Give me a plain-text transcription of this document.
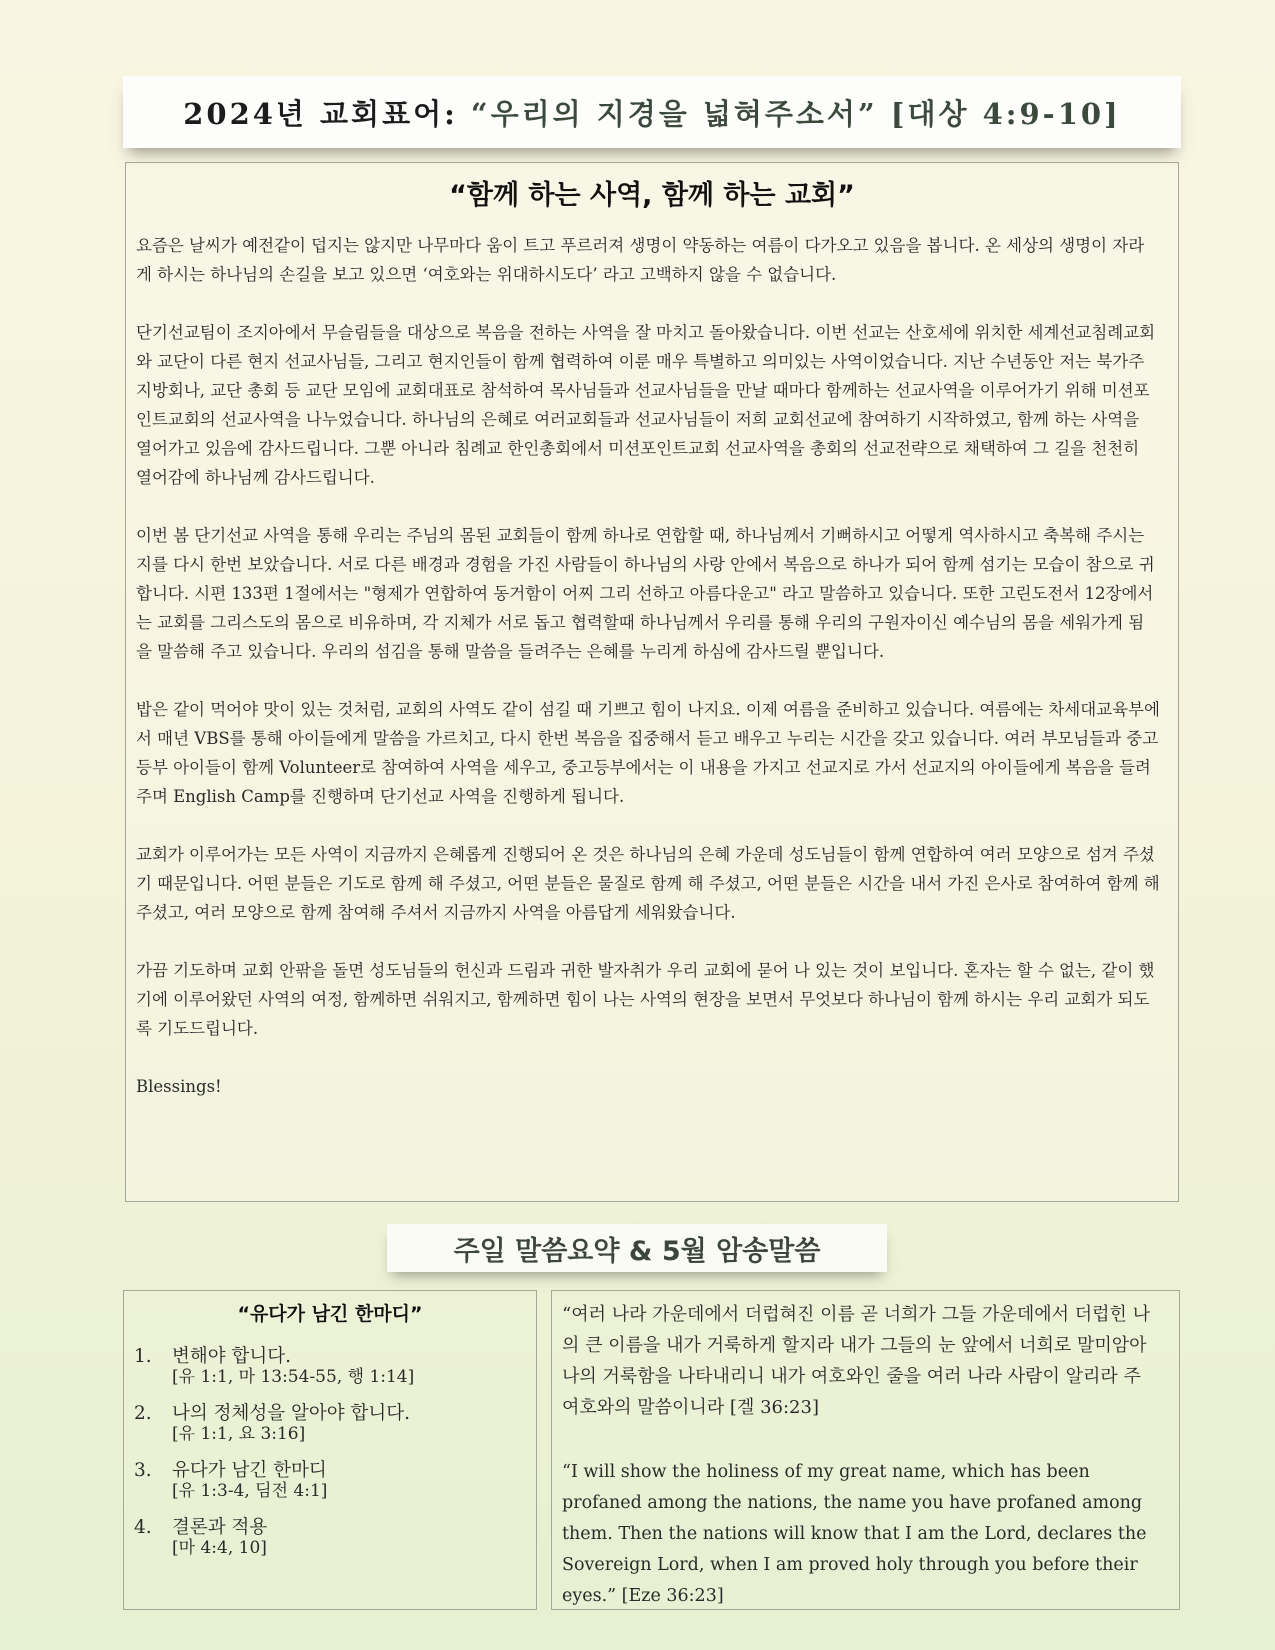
2024년 교회표어: “우리의 지경을 넓혀주소서” [대상 4:9-10]
“함께 하는 사역, 함께 하는 교회”

요즘은 날씨가 예전같이 덥지는 않지만 나무마다 움이 트고 푸르러져 생명이 약동하는 여름이 다가오고 있음을 봅니다. 온 세상의 생명이 자라게 하시는 하나님의 손길을 보고 있으면 ‘여호와는 위대하시도다’ 라고 고백하지 않을 수 없습니다.

단기선교팀이 조지아에서 무슬림들을 대상으로 복음을 전하는 사역을 잘 마치고 돌아왔습니다. 이번 선교는 산호세에 위치한 세계선교침례교회와 교단이 다른 현지 선교사님들, 그리고 현지인들이 함께 협력하여 이룬 매우 특별하고 의미있는 사역이었습니다. 지난 수년동안 저는 북가주 지방회나, 교단 총회 등 교단 모임에 교회대표로 참석하여 목사님들과 선교사님들을 만날 때마다 함께하는 선교사역을 이루어가기 위해 미션포인트교회의 선교사역을 나누었습니다. 하나님의 은혜로 여러교회들과 선교사님들이 저희 교회선교에 참여하기 시작하였고, 함께 하는 사역을 열어가고 있음에 감사드립니다. 그뿐 아니라 침례교 한인총회에서 미션포인트교회 선교사역을 총회의 선교전략으로 채택하여 그 길을 천천히 열어감에 하나님께 감사드립니다.

이번 봄 단기선교 사역을 통해 우리는 주님의 몸된 교회들이 함께 하나로 연합할 때, 하나님께서 기뻐하시고 어떻게 역사하시고 축복해 주시는지를 다시 한번 보았습니다. 서로 다른 배경과 경험을 가진 사람들이 하나님의 사랑 안에서 복음으로 하나가 되어 함께 섬기는 모습이 참으로 귀합니다. 시편 133편 1절에서는 "형제가 연합하여 동거함이 어찌 그리 선하고 아름다운고" 라고 말씀하고 있습니다. 또한 고린도전서 12장에서는 교회를 그리스도의 몸으로 비유하며, 각 지체가 서로 돕고 협력할때 하나님께서 우리를 통해 우리의 구원자이신 예수님의 몸을 세워가게 됨을 말씀해 주고 있습니다. 우리의 섬김을 통해 말씀을 들려주는 은혜를 누리게 하심에 감사드릴 뿐입니다.

밥은 같이 먹어야 맛이 있는 것처럼, 교회의 사역도 같이 섬길 때 기쁘고 힘이 나지요. 이제 여름을 준비하고 있습니다. 여름에는 차세대교육부에서 매년 VBS를 통해 아이들에게 말씀을 가르치고, 다시 한번 복음을 집중해서 듣고 배우고 누리는 시간을 갖고 있습니다. 여러 부모님들과 중고등부 아이들이 함께 Volunteer로 참여하여 사역을 세우고, 중고등부에서는 이 내용을 가지고 선교지로 가서 선교지의 아이들에게 복음을 들려주며 English Camp를 진행하며 단기선교 사역을 진행하게 됩니다.

교회가 이루어가는 모든 사역이 지금까지 은혜롭게 진행되어 온 것은 하나님의 은혜 가운데 성도님들이 함께 연합하여 여러 모양으로 섬겨 주셨기 때문입니다. 어떤 분들은 기도로 함께 해 주셨고, 어떤 분들은 물질로 함께 해 주셨고, 어떤 분들은 시간을 내서 가진 은사로 참여하여 함께 해 주셨고, 여러 모양으로 함께 참여해 주셔서 지금까지 사역을 아름답게 세워왔습니다.

가끔 기도하며 교회 안팎을 돌면 성도님들의 헌신과 드림과 귀한 발자취가 우리 교회에 묻어 나 있는 것이 보입니다. 혼자는 할 수 없는, 같이 했기에 이루어왔던 사역의 여정, 함께하면 쉬워지고, 함께하면 힘이 나는 사역의 현장을 보면서 무엇보다 하나님이 함께 하시는 우리 교회가 되도록 기도드립니다.

Blessings!

주일 말씀요약 & 5월 암송말씀
“유다가 남긴 한마디”
1.	변해야 합니다.
[유 1:1, 마 13:54-55, 행 1:14]
2.	나의 정체성을 알아야 합니다.
[유 1:1, 요 3:16]
3.	유다가 남긴 한마디
[유 1:3-4, 딤전 4:1]
4.	결론과 적용
[마 4:4, 10]
“여러 나라 가운데에서 더럽혀진 이름 곧 너희가 그들 가운데에서 더럽힌 나의 큰 이름을 내가 거룩하게 할지라 내가 그들의 눈 앞에서 너희로 말미암아 나의 거룩함을 나타내리니 내가 여호와인 줄을 여러 나라 사람이 알리라 주 여호와의 말씀이니라 [겔 36:23]
“I will show the holiness of my great name, which has been profaned among the nations, the name you have profaned among them. Then the nations will know that I am the Lord, declares the Sovereign Lord, when I am proved holy through you before their eyes.” [Eze 36:23]
